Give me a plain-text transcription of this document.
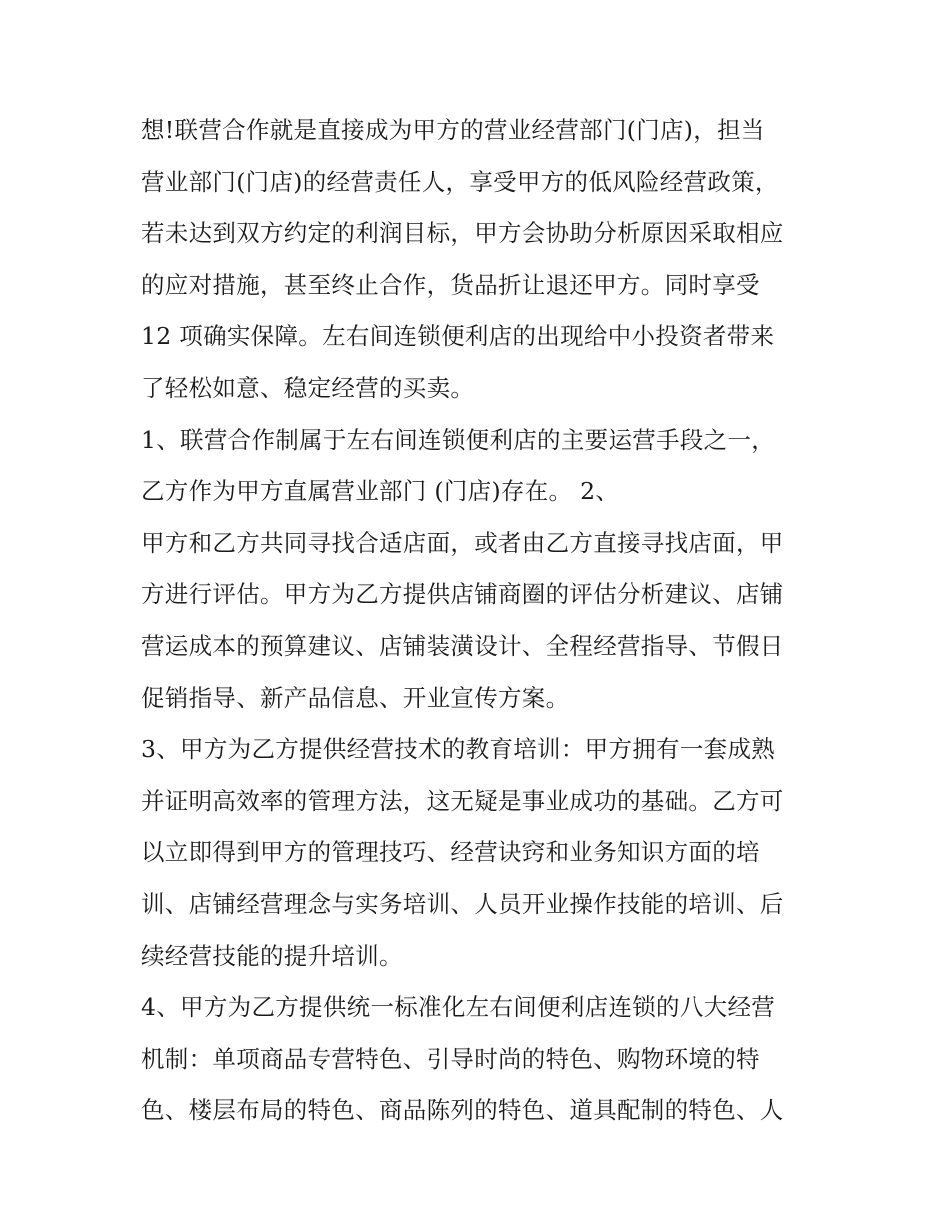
想!联营合作就是直接成为甲方的营业经营部门(门店)，担当
营业部门(门店)的经营责任人，享受甲方的低风险经营政策，
若未达到双方约定的利润目标，甲方会协助分析原因采取相应
的应对措施，甚至终止合作，货品折让退还甲方。同时享受
12 项确实保障。左右间连锁便利店的出现给中小投资者带来
了轻松如意、稳定经营的买卖。
1、联营合作制属于左右间连锁便利店的主要运营手段之一，
乙方作为甲方直属营业部门 (门店)存在。 2、
甲方和乙方共同寻找合适店面，或者由乙方直接寻找店面，甲
方进行评估。甲方为乙方提供店铺商圈的评估分析建议、店铺
营运成本的预算建议、店铺装潢设计、全程经营指导、节假日
促销指导、新产品信息、开业宣传方案。
3、甲方为乙方提供经营技术的教育培训：甲方拥有一套成熟
并证明高效率的管理方法，这无疑是事业成功的基础。乙方可
以立即得到甲方的管理技巧、经营诀窍和业务知识方面的培
训、店铺经营理念与实务培训、人员开业操作技能的培训、后
续经营技能的提升培训。
4、甲方为乙方提供统一标准化左右间便利店连锁的八大经营
机制：单项商品专营特色、引导时尚的特色、购物环境的特
色、楼层布局的特色、商品陈列的特色、道具配制的特色、人
